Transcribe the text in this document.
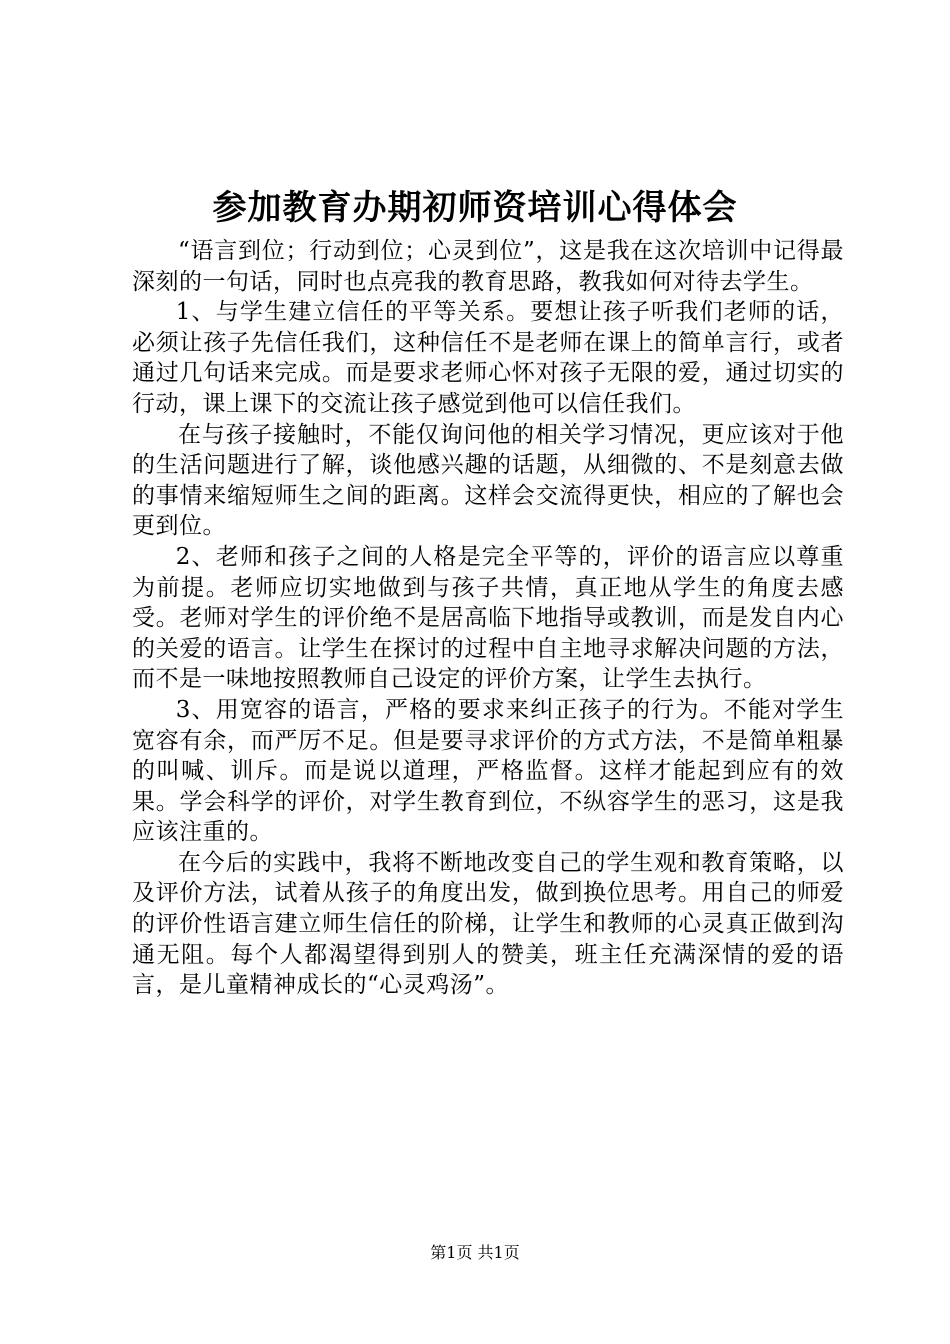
参加教育办期初师资培训心得体会

“语言到位；行动到位；心灵到位”，这是我在这次培训中记得最深刻的一句话，同时也点亮我的教育思路，教我如何对待去学生。

1、与学生建立信任的平等关系。要想让孩子听我们老师的话，必须让孩子先信任我们，这种信任不是老师在课上的简单言行，或者通过几句话来完成。而是要求老师心怀对孩子无限的爱，通过切实的行动，课上课下的交流让孩子感觉到他可以信任我们。

在与孩子接触时，不能仅询问他的相关学习情况，更应该对于他的生活问题进行了解，谈他感兴趣的话题，从细微的、不是刻意去做的事情来缩短师生之间的距离。这样会交流得更快，相应的了解也会更到位。

2、老师和孩子之间的人格是完全平等的，评价的语言应以尊重为前提。老师应切实地做到与孩子共情，真正地从学生的角度去感受。老师对学生的评价绝不是居高临下地指导或教训，而是发自内心的关爱的语言。让学生在探讨的过程中自主地寻求解决问题的方法，而不是一味地按照教师自己设定的评价方案，让学生去执行。

3、用宽容的语言，严格的要求来纠正孩子的行为。不能对学生宽容有余，而严厉不足。但是要寻求评价的方式方法，不是简单粗暴的叫喊、训斥。而是说以道理，严格监督。这样才能起到应有的效果。学会科学的评价，对学生教育到位，不纵容学生的恶习，这是我应该注重的。

在今后的实践中，我将不断地改变自己的学生观和教育策略，以及评价方法，试着从孩子的角度出发，做到换位思考。用自己的师爱的评价性语言建立师生信任的阶梯，让学生和教师的心灵真正做到沟通无阻。每个人都渴望得到别人的赞美，班主任充满深情的爱的语言，是儿童精神成长的“心灵鸡汤”。

第1页 共1页
